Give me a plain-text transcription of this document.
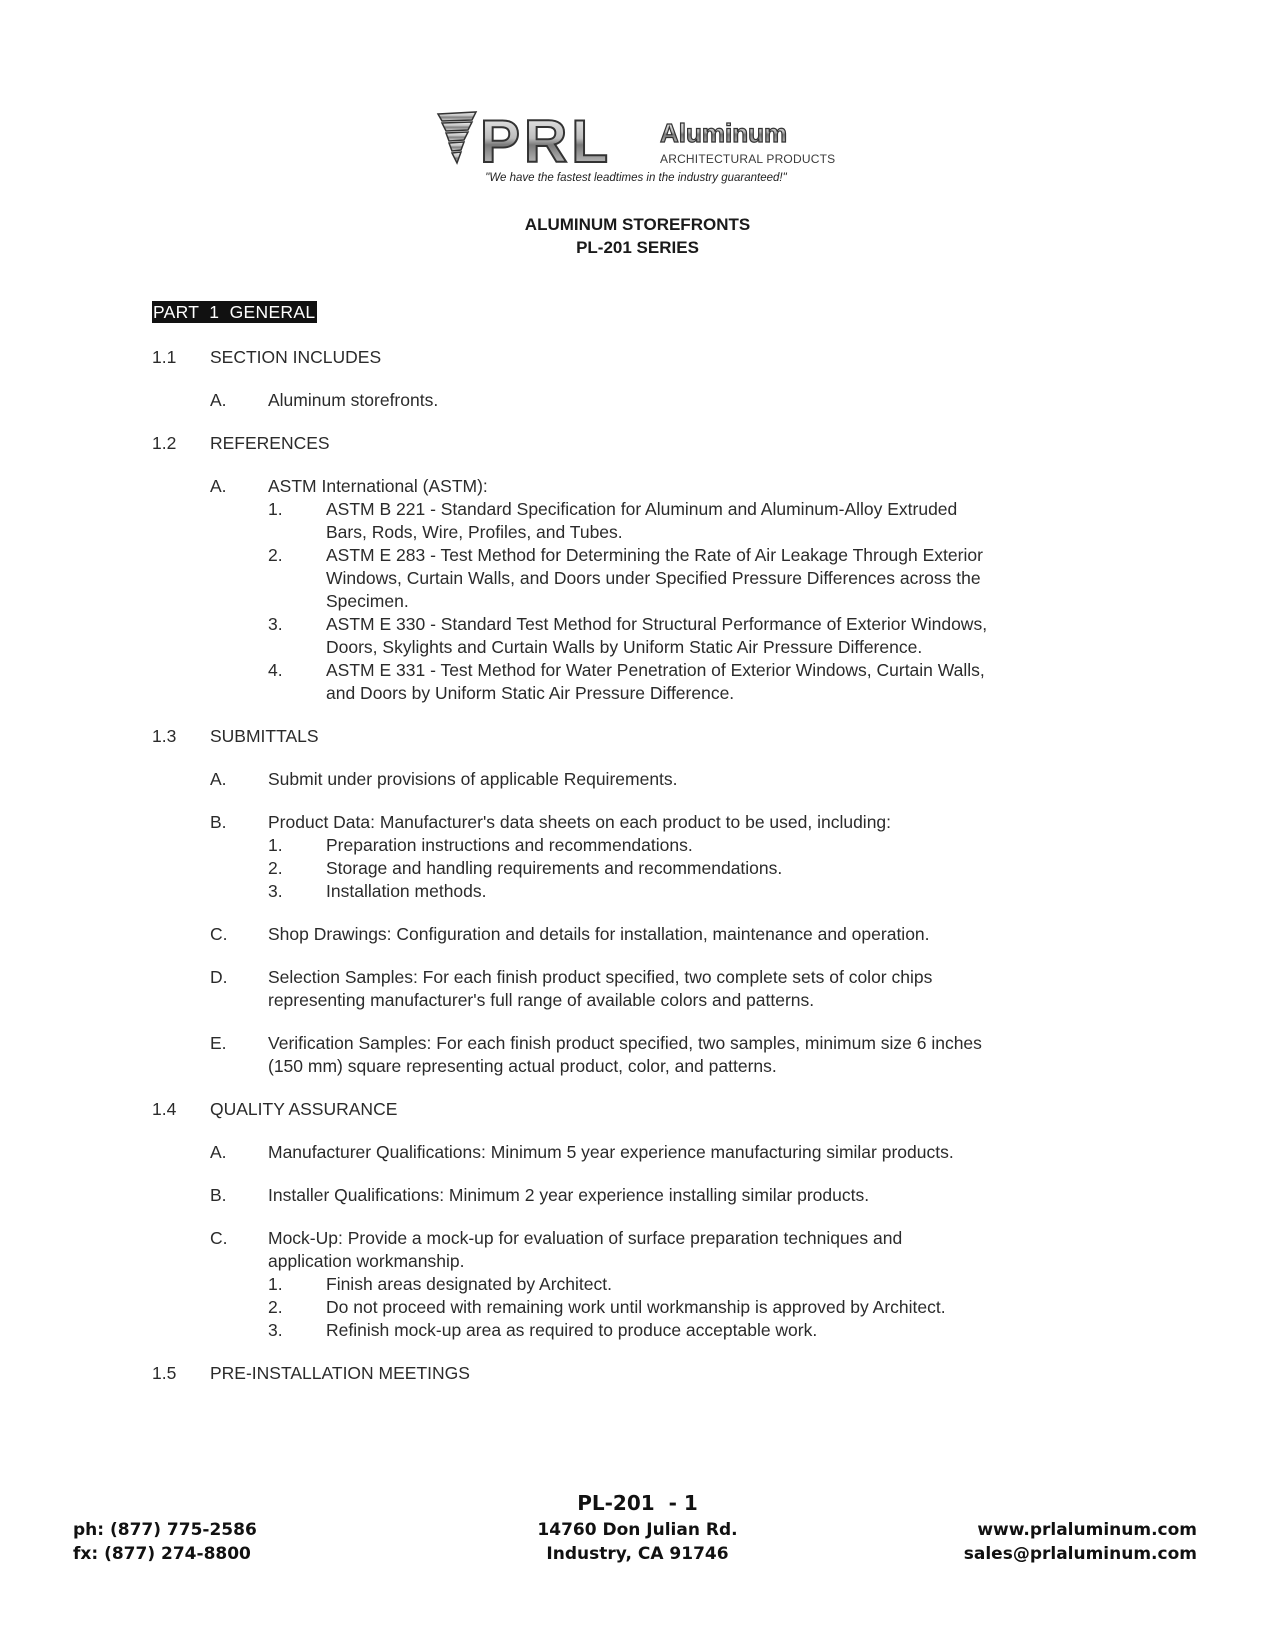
PRL Aluminum
ARCHITECTURAL PRODUCTS
"We have the fastest leadtimes in the industry guaranteed!"
ALUMINUM STOREFRONTS
PL-201 SERIES
PART  1  GENERAL
1.1 SECTION INCLUDES
A. Aluminum storefronts.
1.2 REFERENCES
A. ASTM International (ASTM):
1. ASTM B 221 - Standard Specification for Aluminum and Aluminum-Alloy Extruded
Bars, Rods, Wire, Profiles, and Tubes.
2. ASTM E 283 - Test Method for Determining the Rate of Air Leakage Through Exterior
Windows, Curtain Walls, and Doors under Specified Pressure Differences across the
Specimen.
3. ASTM E 330 - Standard Test Method for Structural Performance of Exterior Windows,
Doors, Skylights and Curtain Walls by Uniform Static Air Pressure Difference.
4. ASTM E 331 - Test Method for Water Penetration of Exterior Windows, Curtain Walls,
and Doors by Uniform Static Air Pressure Difference.
1.3 SUBMITTALS
A. Submit under provisions of applicable Requirements.
B. Product Data: Manufacturer's data sheets on each product to be used, including:
1. Preparation instructions and recommendations.
2. Storage and handling requirements and recommendations.
3. Installation methods.
C. Shop Drawings: Configuration and details for installation, maintenance and operation.
D. Selection Samples: For each finish product specified, two complete sets of color chips
representing manufacturer's full range of available colors and patterns.
E. Verification Samples: For each finish product specified, two samples, minimum size 6 inches
(150 mm) square representing actual product, color, and patterns.
1.4 QUALITY ASSURANCE
A. Manufacturer Qualifications: Minimum 5 year experience manufacturing similar products.
B. Installer Qualifications: Minimum 2 year experience installing similar products.
C. Mock-Up: Provide a mock-up for evaluation of surface preparation techniques and
application workmanship.
1. Finish areas designated by Architect.
2. Do not proceed with remaining work until workmanship is approved by Architect.
3. Refinish mock-up area as required to produce acceptable work.
1.5 PRE-INSTALLATION MEETINGS
PL-201  - 1
ph: (877) 775-2586
fx: (877) 274-8800
14760 Don Julian Rd.
Industry, CA 91746
www.prlaluminum.com
sales@prlaluminum.com
